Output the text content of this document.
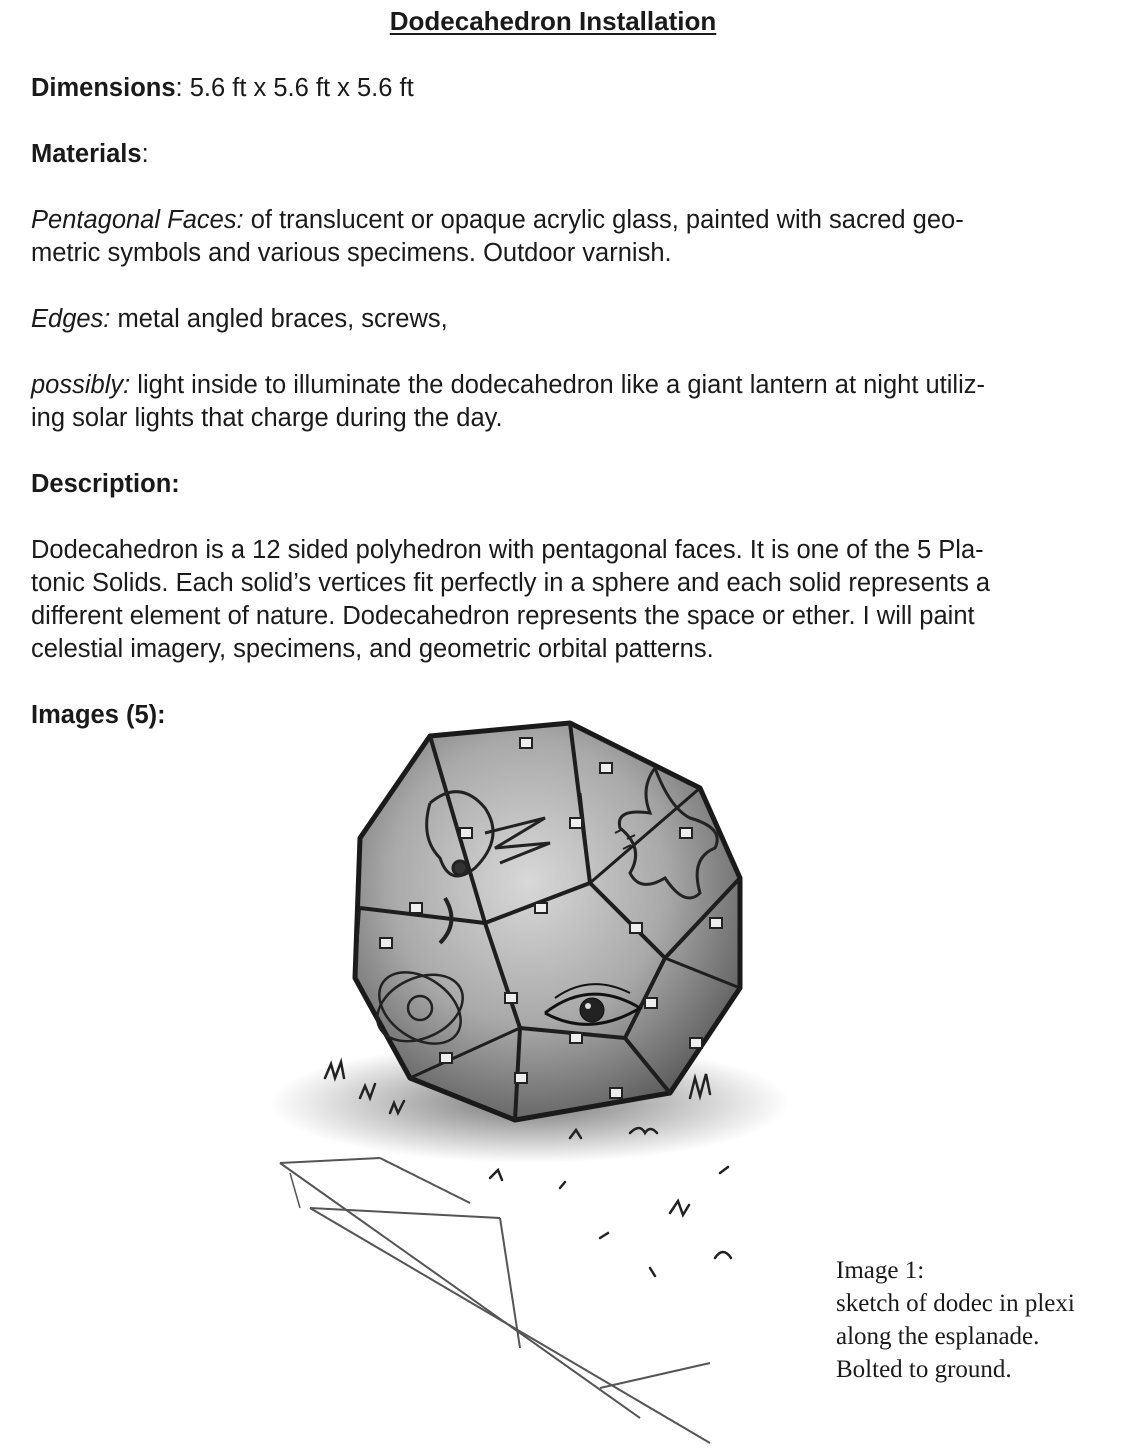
Dodecahedron Installation
Dimensions: 5.6 ft x 5.6 ft x 5.6 ft
Materials:
Pentagonal Faces: of translucent or opaque acrylic glass, painted with sacred geo-
metric symbols and various specimens. Outdoor varnish.
Edges: metal angled braces, screws,
possibly: light inside to illuminate the dodecahedron like a giant lantern at night utiliz-
ing solar lights that charge during the day.
Description:
Dodecahedron is a 12 sided polyhedron with pentagonal faces. It is one of the 5 Pla-
tonic Solids. Each solid’s vertices fit perfectly in a sphere and each solid represents a
different element of nature. Dodecahedron represents the space or ether. I will paint
celestial imagery, specimens, and geometric orbital patterns.
Images (5):
Image 1:
sketch of dodec in plexi
along the esplanade.
Bolted to ground.
